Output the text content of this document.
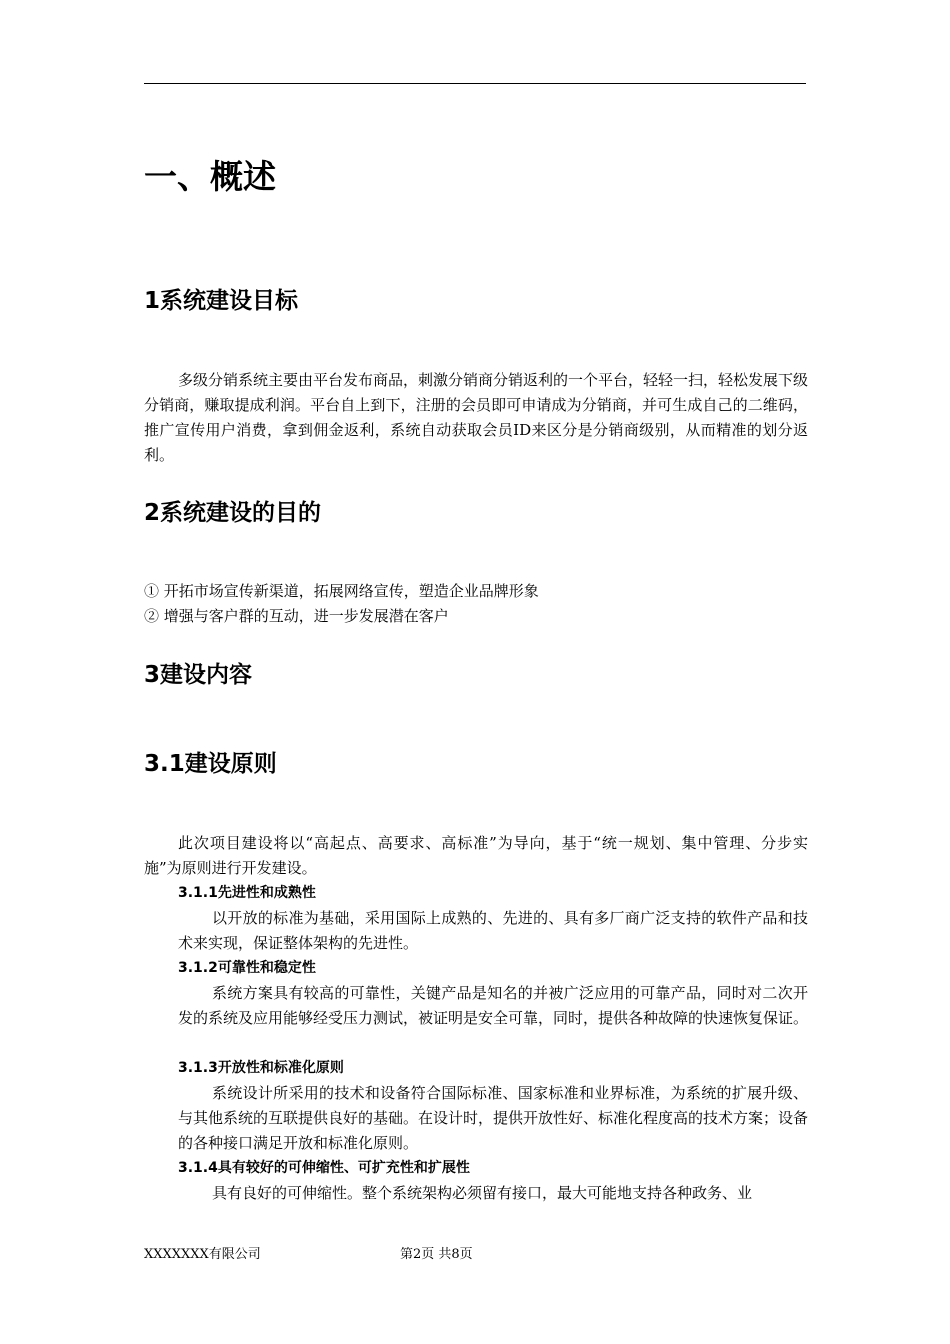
一、概述
1系统建设目标

多级分销系统主要由平台发布商品，刺激分销商分销返利的一个平台，轻轻一扫，轻松发展下级分销商，赚取提成利润。平台自上到下，注册的会员即可申请成为分销商，并可生成自己的二维码，推广宣传用户消费，拿到佣金返利，系统自动获取会员ID来区分是分销商级别，从而精准的划分返利。

2系统建设的目的

① 开拓市场宣传新渠道，拓展网络宣传，塑造企业品牌形象

② 增强与客户群的互动，进一步发展潜在客户

3建设内容
3.1建设原则

此次项目建设将以“高起点、高要求、高标准”为导向，基于“统一规划、集中管理、分步实施”为原则进行开发建设。

3.1.1先进性和成熟性

以开放的标准为基础，采用国际上成熟的、先进的、具有多厂商广泛支持的软件产品和技术来实现，保证整体架构的先进性。

3.1.2可靠性和稳定性

系统方案具有较高的可靠性，关键产品是知名的并被广泛应用的可靠产品，同时对二次开发的系统及应用能够经受压力测试，被证明是安全可靠，同时，提供各种故障的快速恢复保证。

3.1.3开放性和标准化原则

系统设计所采用的技术和设备符合国际标准、国家标准和业界标准，为系统的扩展升级、与其他系统的互联提供良好的基础。在设计时，提供开放性好、标准化程度高的技术方案；设备的各种接口满足开放和标准化原则。

3.1.4具有较好的可伸缩性、可扩充性和扩展性

具有良好的可伸缩性。整个系统架构必须留有接口，最大可能地支持各种政务、业

XXXXXXX有限公司	第2页 共8页
